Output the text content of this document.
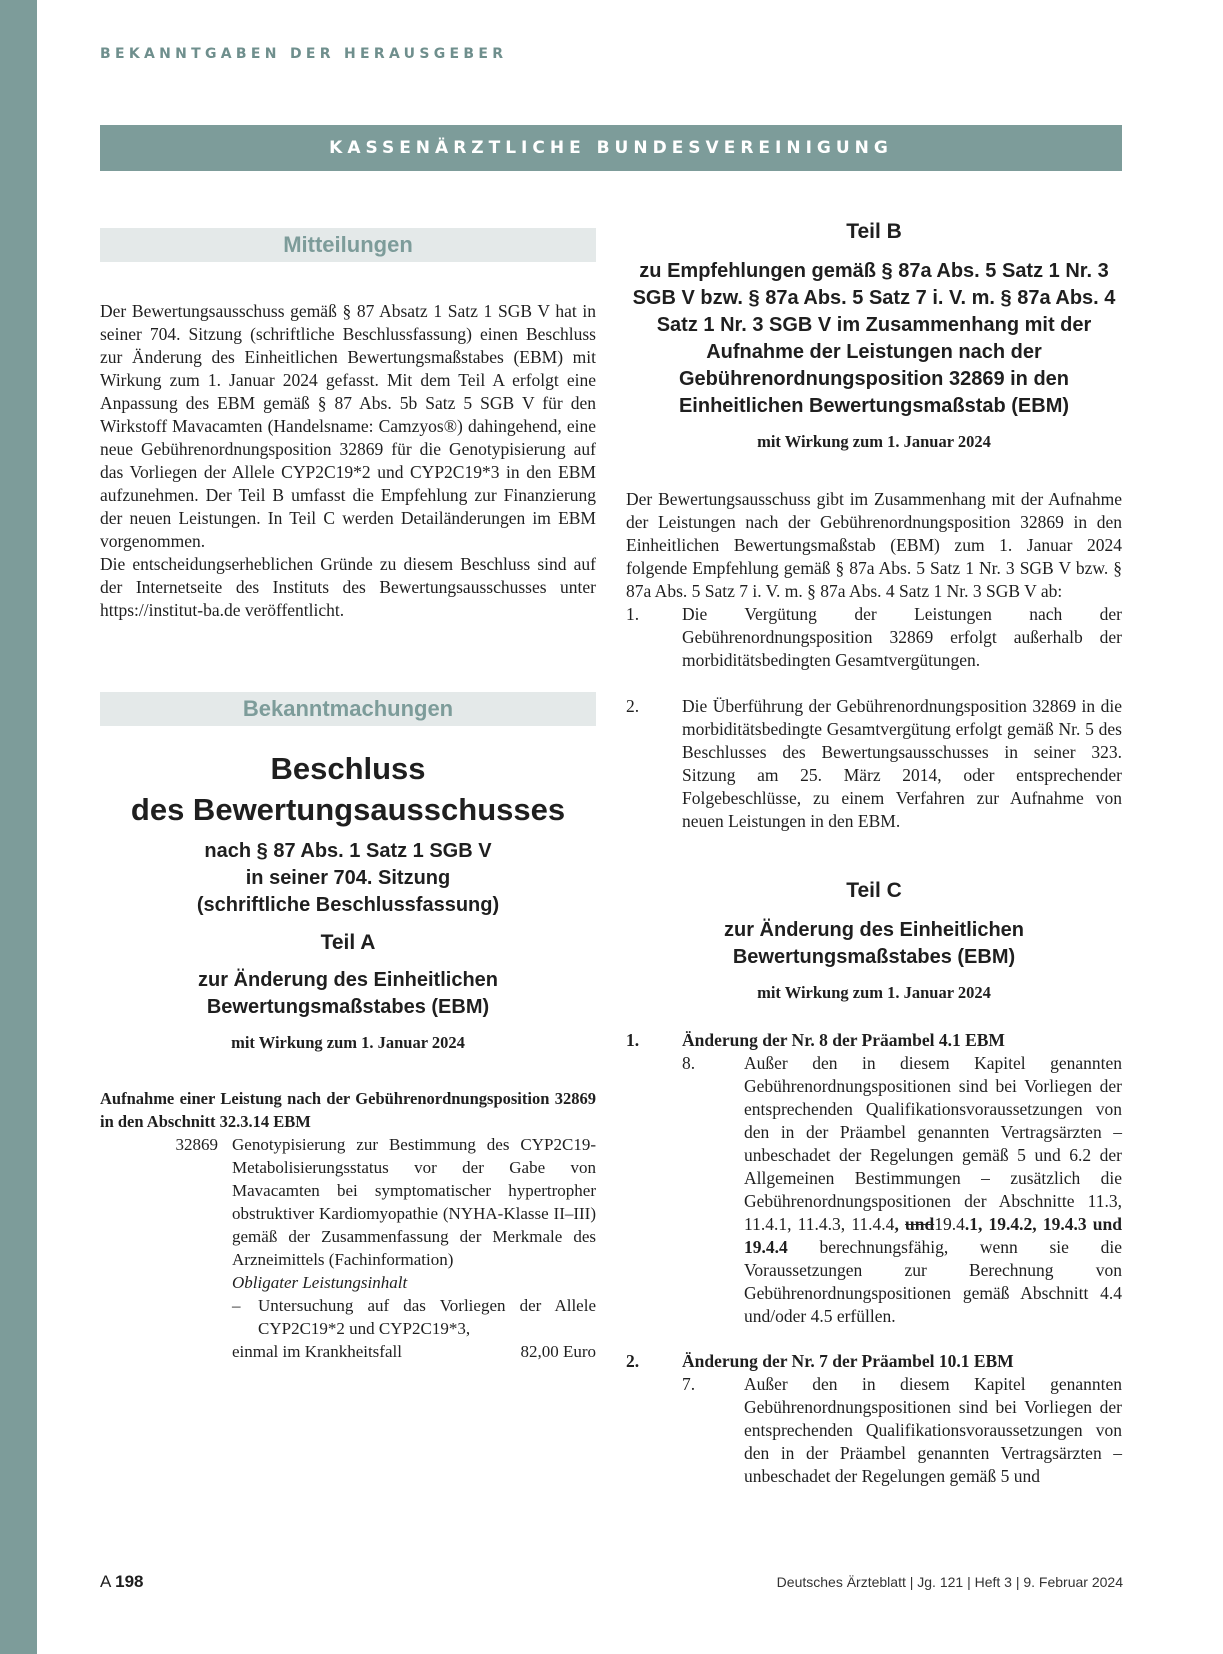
BEKANNTGABEN DER HERAUSGEBER
KASSENÄRZTLICHE BUNDESVEREINIGUNG
Mitteilungen

Der Bewertungsausschuss gemäß § 87 Absatz 1 Satz 1 SGB V hat in seiner 704. Sitzung (schriftliche Beschlussfassung) einen Beschluss zur Änderung des Einheitlichen Bewertungsmaßstabes (EBM) mit Wirkung zum 1. Januar 2024 gefasst. Mit dem Teil A erfolgt eine Anpassung des EBM gemäß § 87 Abs. 5b Satz 5 SGB V für den Wirkstoff Mavacamten (Handelsname: Camzyos®) dahingehend, eine neue Gebührenordnungsposition 32869 für die Genotypisierung auf das Vorliegen der Allele CYP2C19*2 und CYP2C19*3 in den EBM aufzunehmen. Der Teil B umfasst die Empfehlung zur Finanzierung der neuen Leistungen. In Teil C werden Detailänderungen im EBM vorgenommen.

Die entscheidungserheblichen Gründe zu diesem Beschluss sind auf der Internetseite des Instituts des Bewertungsausschusses unter https://institut-ba.de veröffentlicht.

Bekanntmachungen
Beschluss
des Bewertungsausschusses
nach § 87 Abs. 1 Satz 1 SGB V
in seiner 704. Sitzung
(schriftliche Beschlussfassung)
Teil A
zur Änderung des Einheitlichen
Bewertungsmaßstabes (EBM)
mit Wirkung zum 1. Januar 2024

Aufnahme einer Leistung nach der Gebührenordnungsposition 32869 in den Abschnitt 32.3.14 EBM

32869 Genotypisierung zur Bestimmung des CYP2C19-Metabolisierungsstatus vor der Gabe von Mavacamten bei symptomatischer hypertropher obstruktiver Kardiomyopathie (NYHA-Klasse II–III) gemäß der Zusammenfassung der Merkmale des Arzneimittels (Fachinformation)
Obligater Leistungsinhalt
–	Untersuchung auf das Vorliegen der Allele CYP2C19*2 und CYP2C19*3,
einmal im Krankheitsfall	82,00 Euro
Teil B
zu Empfehlungen gemäß § 87a Abs. 5 Satz 1 Nr. 3 SGB V bzw. § 87a Abs. 5 Satz 7 i. V. m. § 87a Abs. 4 Satz 1 Nr. 3 SGB V im Zusammenhang mit der Aufnahme der Leistungen nach der Gebührenordnungsposition 32869 in den Einheitlichen Bewertungsmaßstab (EBM)
mit Wirkung zum 1. Januar 2024

Der Bewertungsausschuss gibt im Zusammenhang mit der Aufnahme der Leistungen nach der Gebührenordnungsposition 32869 in den Einheitlichen Bewertungsmaßstab (EBM) zum 1. Januar 2024 folgende Empfehlung gemäß § 87a Abs. 5 Satz 1 Nr. 3 SGB V bzw. § 87a Abs. 5 Satz 7 i. V. m. § 87a Abs. 4 Satz 1 Nr. 3 SGB V ab:

1.	Die Vergütung der Leistungen nach der Gebührenordnungsposition 32869 erfolgt außerhalb der morbiditätsbedingten Gesamtvergütungen.
2.	Die Überführung der Gebührenordnungsposition 32869 in die morbiditätsbedingte Gesamtvergütung erfolgt gemäß Nr. 5 des Beschlusses des Bewertungsausschusses in seiner 323. Sitzung am 25. März 2014, oder entsprechender Folgebeschlüsse, zu einem Verfahren zur Aufnahme von neuen Leistungen in den EBM.
Teil C
zur Änderung des Einheitlichen
Bewertungsmaßstabes (EBM)
mit Wirkung zum 1. Januar 2024
1.	Änderung der Nr. 8 der Präambel 4.1 EBM
8.	Außer den in diesem Kapitel genannten Gebührenordnungspositionen sind bei Vorliegen der entsprechenden Qualifikationsvoraussetzungen von den in der Präambel genannten Vertragsärzten – unbeschadet der Regelungen gemäß 5 und 6.2 der Allgemeinen Bestimmungen – zusätzlich die Gebührenordnungspositionen der Abschnitte 11.3, 11.4.1, 11.4.3, 11.4.4, und19.4.1, 19.4.2, 19.4.3 und 19.4.4 berechnungsfähig, wenn sie die Voraussetzungen zur Berechnung von Gebührenordnungspositionen gemäß Abschnitt 4.4 und/oder 4.5 erfüllen.
2.	Änderung der Nr. 7 der Präambel 10.1 EBM
7.	Außer den in diesem Kapitel genannten Gebührenordnungspositionen sind bei Vorliegen der entsprechenden Qualifikationsvoraussetzungen von den in der Präambel genannten Vertragsärzten – unbeschadet der Regelungen gemäß 5 und
A 198	Deutsches Ärzteblatt | Jg. 121 | Heft 3 | 9. Februar 2024
